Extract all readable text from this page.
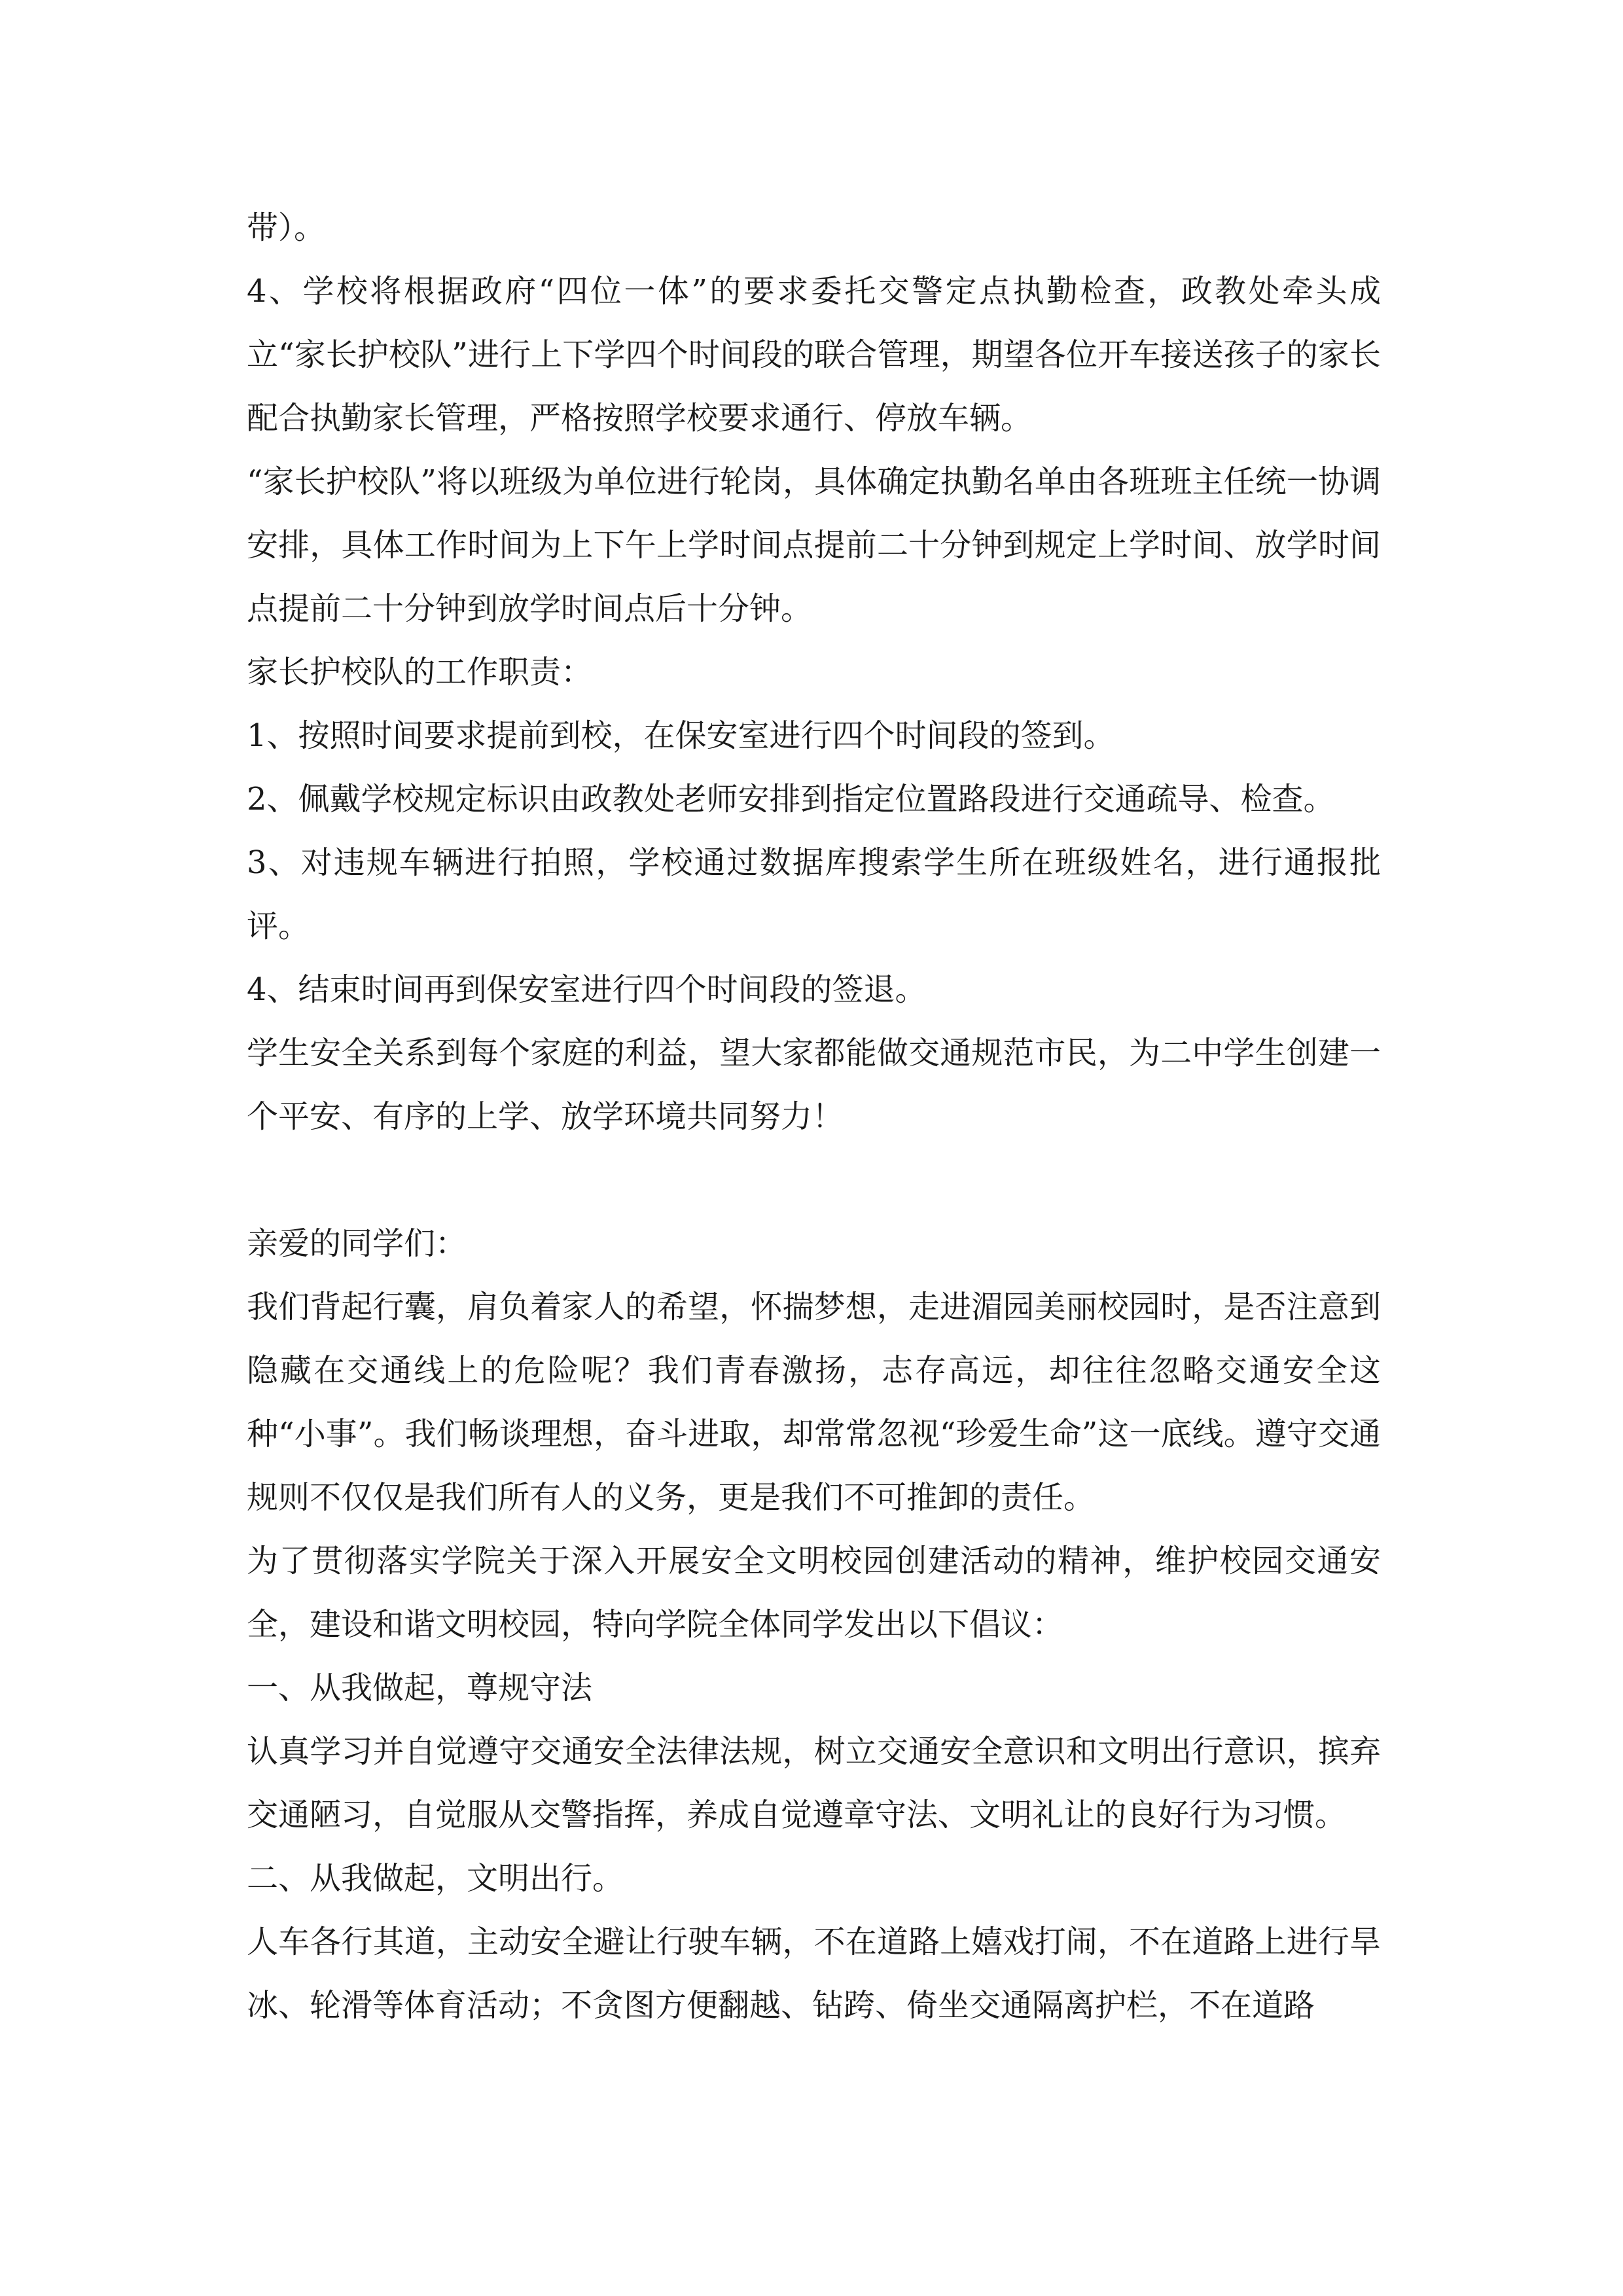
带）。

4、学校将根据政府“四位一体”的要求委托交警定点执勤检查，政教处牵头成立“家长护校队”进行上下学四个时间段的联合管理，期望各位开车接送孩子的家长配合执勤家长管理，严格按照学校要求通行、停放车辆。

“家长护校队”将以班级为单位进行轮岗，具体确定执勤名单由各班班主任统一协调安排，具体工作时间为上下午上学时间点提前二十分钟到规定上学时间、放学时间点提前二十分钟到放学时间点后十分钟。

家长护校队的工作职责：

1、按照时间要求提前到校，在保安室进行四个时间段的签到。

2、佩戴学校规定标识由政教处老师安排到指定位置路段进行交通疏导、检查。

3、对违规车辆进行拍照，学校通过数据库搜索学生所在班级姓名，进行通报批评。

4、结束时间再到保安室进行四个时间段的签退。

学生安全关系到每个家庭的利益，望大家都能做交通规范市民，为二中学生创建一个平安、有序的上学、放学环境共同努力！

亲爱的同学们：

我们背起行囊，肩负着家人的希望，怀揣梦想，走进湄园美丽校园时，是否注意到隐藏在交通线上的危险呢？我们青春激扬，志存高远，却往往忽略交通安全这种“小事”。我们畅谈理想，奋斗进取，却常常忽视“珍爱生命”这一底线。遵守交通规则不仅仅是我们所有人的义务，更是我们不可推卸的责任。

为了贯彻落实学院关于深入开展安全文明校园创建活动的精神，维护校园交通安全，建设和谐文明校园，特向学院全体同学发出以下倡议：

一、从我做起，尊规守法

认真学习并自觉遵守交通安全法律法规，树立交通安全意识和文明出行意识，摈弃交通陋习，自觉服从交警指挥，养成自觉遵章守法、文明礼让的良好行为习惯。

二、从我做起，文明出行。

人车各行其道，主动安全避让行驶车辆，不在道路上嬉戏打闹，不在道路上进行旱冰、轮滑等体育活动；不贪图方便翻越、钻跨、倚坐交通隔离护栏，不在道路
